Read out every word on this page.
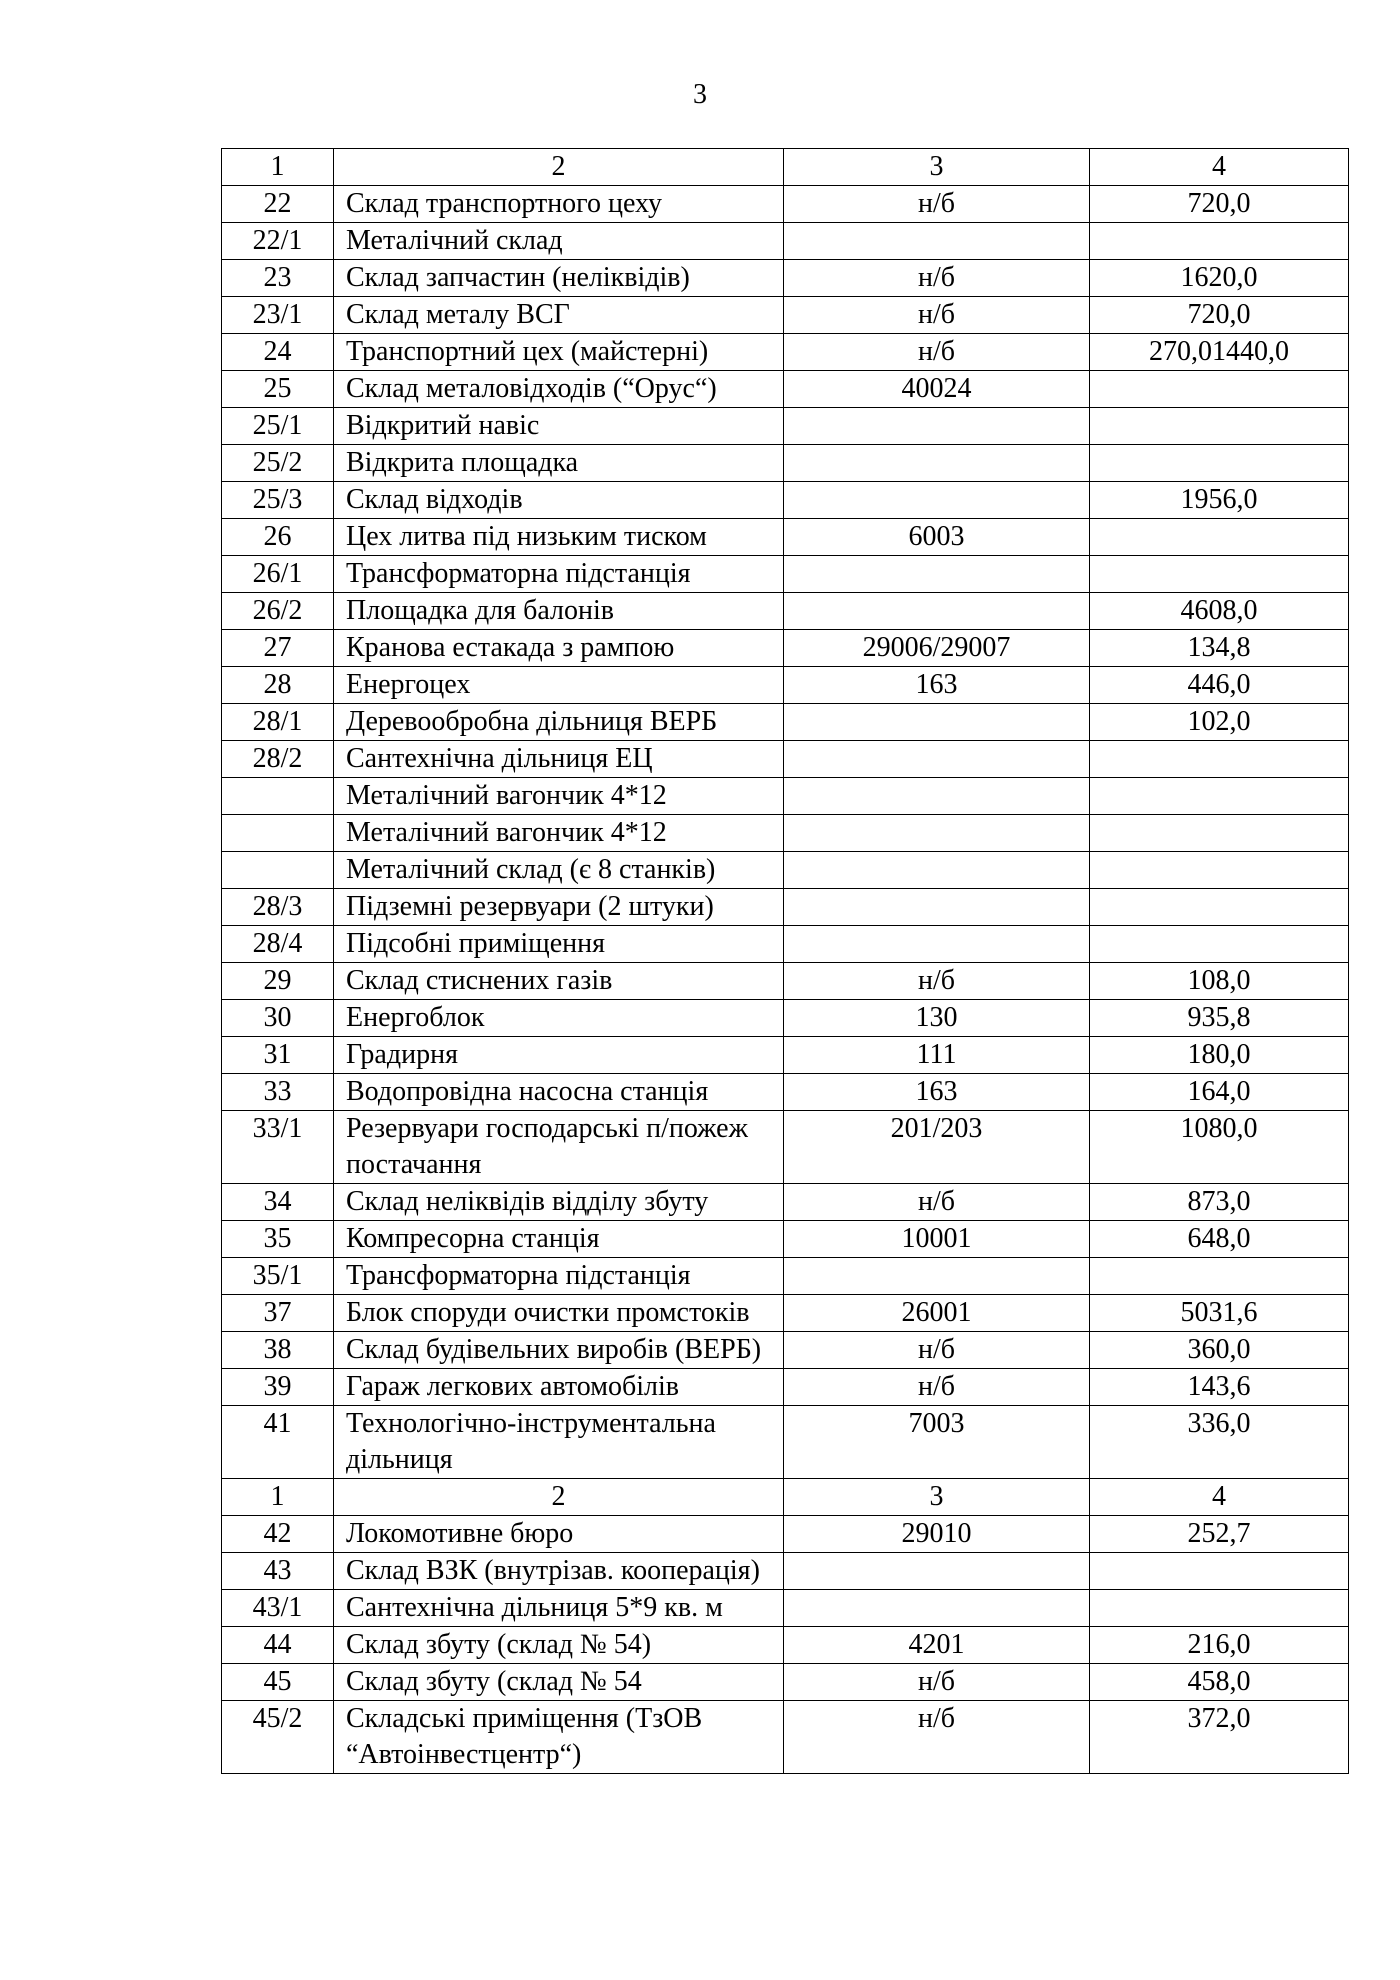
3
1	2	3	4
22	Склад транспортного цеху	н/б	720,0
22/1	Металічний склад		
23	Склад запчастин (неліквідів)	н/б	1620,0
23/1	Склад металу ВСГ	н/б	720,0
24	Транспортний цех (майстерні)	н/б	270,01440,0
25	Склад металовідходів (“Орус“)	40024	
25/1	Відкритий навіс		
25/2	Відкрита площадка		
25/3	Склад відходів		1956,0
26	Цех литва під низьким тиском	6003	
26/1	Трансформаторна підстанція		
26/2	Площадка для балонів		4608,0
27	Кранова естакада з рампою	29006/29007	134,8
28	Енергоцех	163	446,0
28/1	Деревообробна дільниця ВЕРБ		102,0
28/2	Сантехнічна дільниця ЕЦ		
	Металічний вагончик 4*12		
	Металічний вагончик 4*12		
	Металічний склад (є 8 станків)		
28/3	Підземні резервуари (2 штуки)		
28/4	Підсобні приміщення		
29	Склад стиснених газів	н/б	108,0
30	Енергоблок	130	935,8
31	Градирня	111	180,0
33	Водопровідна насосна станція	163	164,0
33/1	Резервуари господарські п/пожеж постачання	201/203	1080,0
34	Склад неліквідів відділу збуту	н/б	873,0
35	Компресорна станція	10001	648,0
35/1	Трансформаторна підстанція		
37	Блок споруди очистки промстоків	26001	5031,6
38	Склад будівельних виробів (ВЕРБ)	н/б	360,0
39	Гараж легкових автомобілів	н/б	143,6
41	Технологічно-інструментальна дільниця	7003	336,0
1	2	3	4
42	Локомотивне бюро	29010	252,7
43	Склад ВЗК (внутрізав. кооперація)		
43/1	Сантехнічна дільниця 5*9 кв. м		
44	Склад збуту (склад № 54)	4201	216,0
45	Склад збуту (склад № 54	н/б	458,0
45/2	Складські приміщення (ТзОВ “Автоінвестцентр“)	н/б	372,0
